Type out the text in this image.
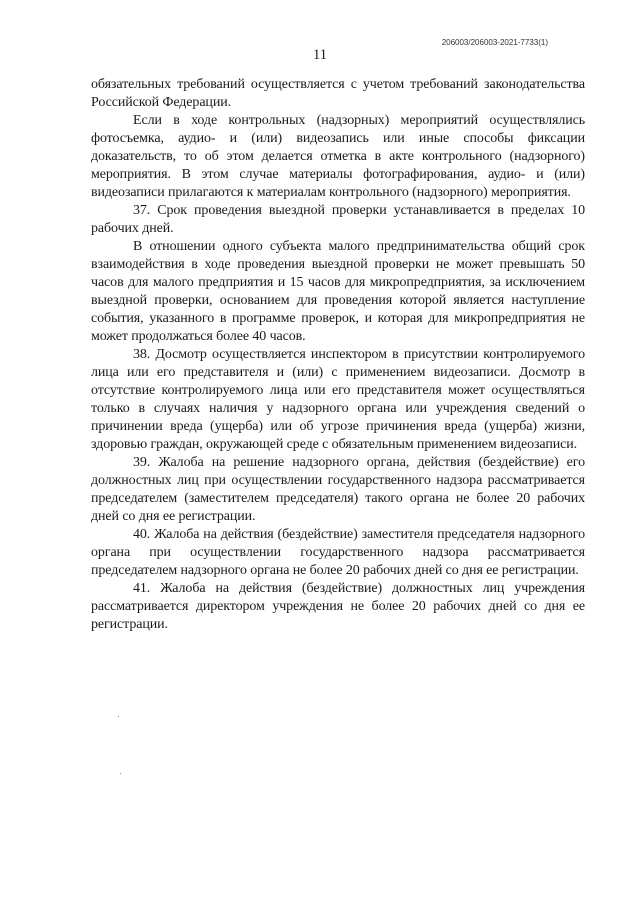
206003/206003-2021-7733(1)
11

обязательных требований осуществляется с учетом требований законодательства Российской Федерации.

Если в ходе контрольных (надзорных) мероприятий осуществлялись фотосъемка, аудио- и (или) видеозапись или иные способы фиксации доказательств, то об этом делается отметка в акте контрольного (надзорного) мероприятия. В этом случае материалы фотографирования, аудио- и (или) видеозаписи прилагаются к материалам контрольного (надзорного) мероприятия.

37. Срок проведения выездной проверки устанавливается в пределах 10 рабочих дней.

В отношении одного субъекта малого предпринимательства общий срок взаимодействия в ходе проведения выездной проверки не может превышать 50 часов для малого предприятия и 15 часов для микропредприятия, за исключением выездной проверки, основанием для проведения которой является наступление события, указанного в программе проверок, и которая для микропредприятия не может продолжаться более 40 часов.

38. Досмотр осуществляется инспектором в присутствии контролируемого лица или его представителя и (или) с применением видеозаписи. Досмотр в отсутствие контролируемого лица или его представителя может осуществляться только в случаях наличия у надзорного органа или учреждения сведений о причинении вреда (ущерба) или об угрозе причинения вреда (ущерба) жизни, здоровью граждан, окружающей среде с обязательным применением видеозаписи.

39. Жалоба на решение надзорного органа, действия (бездействие) его должностных лиц при осуществлении государственного надзора рассматривается председателем (заместителем председателя) такого органа не более 20 рабочих дней со дня ее регистрации.

40. Жалоба на действия (бездействие) заместителя председателя надзорного органа при осуществлении государственного надзора рассматривается председателем надзорного органа не более 20 рабочих дней со дня ее регистрации.

41. Жалоба на действия (бездействие) должностных лиц учреждения рассматривается директором учреждения не более 20 рабочих дней со дня ее регистрации.
